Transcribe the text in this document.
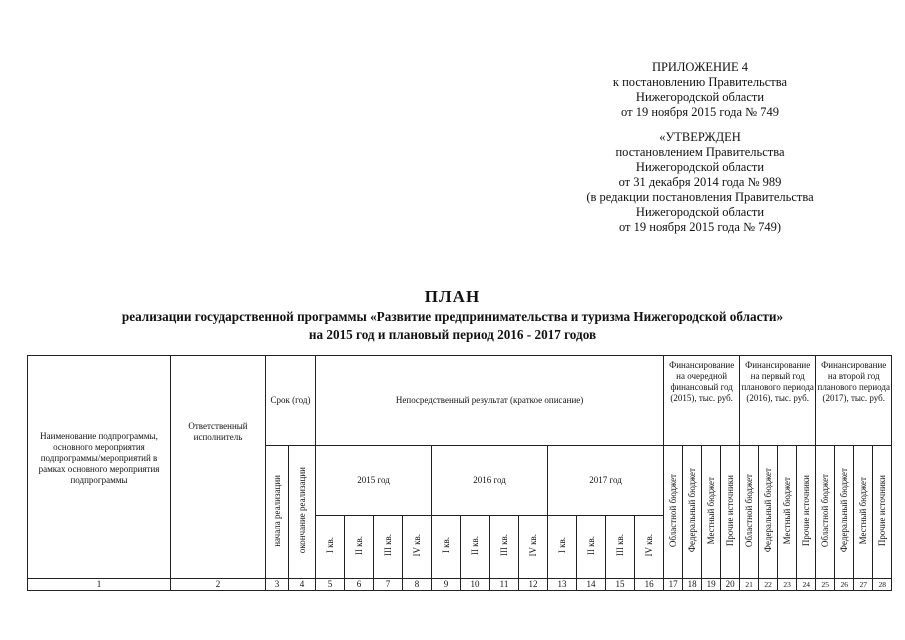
ПРИЛОЖЕНИЕ 4
к постановлению Правительства
Нижегородской области
от 19 ноября 2015 года № 749
«УТВЕРЖДЕН
постановлением Правительства
Нижегородской области
от 31 декабря 2014 года № 989
(в редакции постановления Правительства
Нижегородской области
от 19 ноября 2015 года № 749)
ПЛАН
реализации государственной программы «Развитие предпринимательства и туризма Нижегородской области»
на 2015 год и плановый период 2016 - 2017 годов
Наименование подпрограммы, основного мероприятия подпрограммы/мероприятий в рамках основного мероприятия подпрограммы	Ответственный исполнитель	Срок (год)		Непосредственный результат (краткое описание)												Финансирование на очередной финансовый год (2015), тыс. руб.				Финансирование на первый год планового периода (2016), тыс. руб.				Финансирование на второй год планового периода (2017), тыс. руб.			
		начала реализации	окончание реализации	2015 год				2016 год				2017 год				Областной бюджет	Федеральный бюджет	Местный бюджет	Прочие источники	Областной бюджет	Федеральный бюджет	Местный бюджет	Прочие источники	Областной бюджет	Федеральный бюджет	Местный бюджет	Прочие источники
				I кв.	II кв.	III кв.	IV кв.	I кв.	II кв.	III кв.	IV кв.	I кв.	II кв.	III кв.	IV кв.												
1	2	3	4	5	6	7	8	9	10	11	12	13	14	15	16	17	18	19	20	21	22	23	24	25	26	27	28
